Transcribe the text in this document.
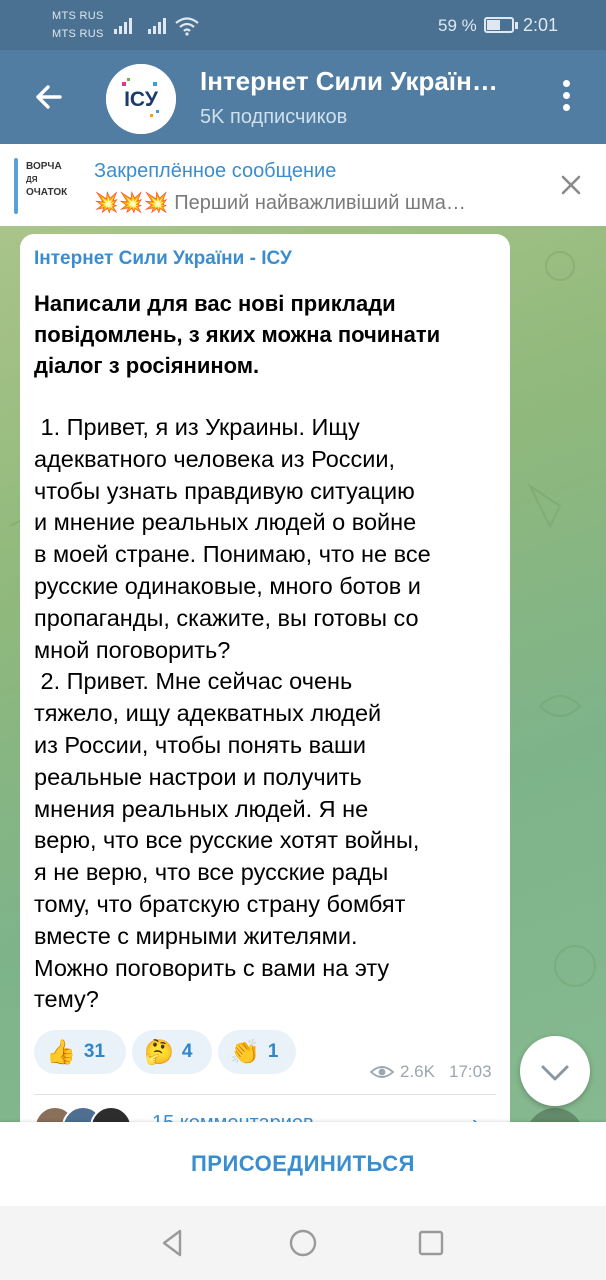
MTS RUS
MTS RUS	59 %	2:01
ІСУ
Інтернет Сили Україн…
5K подписчиков
ВОРЧА
ДЯ
ОЧАТОК
Закреплённое сообщение
💥💥💥 Перший найважливіший шма…
Інтернет Сили України - ІСУ
Написали для вас нові приклади повідомлень, з яких можна починати діалог з росіянином.
1. Привет, я из Украины. Ищу
адекватного человека из России,
чтобы узнать правдивую ситуацию
и мнение реальных людей о войне
в моей стране. Понимаю, что не все
русские одинаковые, много ботов и
пропаганды, скажите, вы готовы со
мной поговорить?
2. Привет. Мне сейчас очень
тяжело, ищу адекватных людей
из России, чтобы понять ваши
реальные настрои и получить
мнения реальных людей. Я не
верю, что все русские хотят войны,
я не верю, что все русские рады
тому, что братскую страну бомбят
вместе с мирными жителями.
Можно поговорить с вами на эту
тему?
👍 31 🤔 4 👏 1
2.6K 17:03
ПРИСОЕДИНИТЬСЯ
